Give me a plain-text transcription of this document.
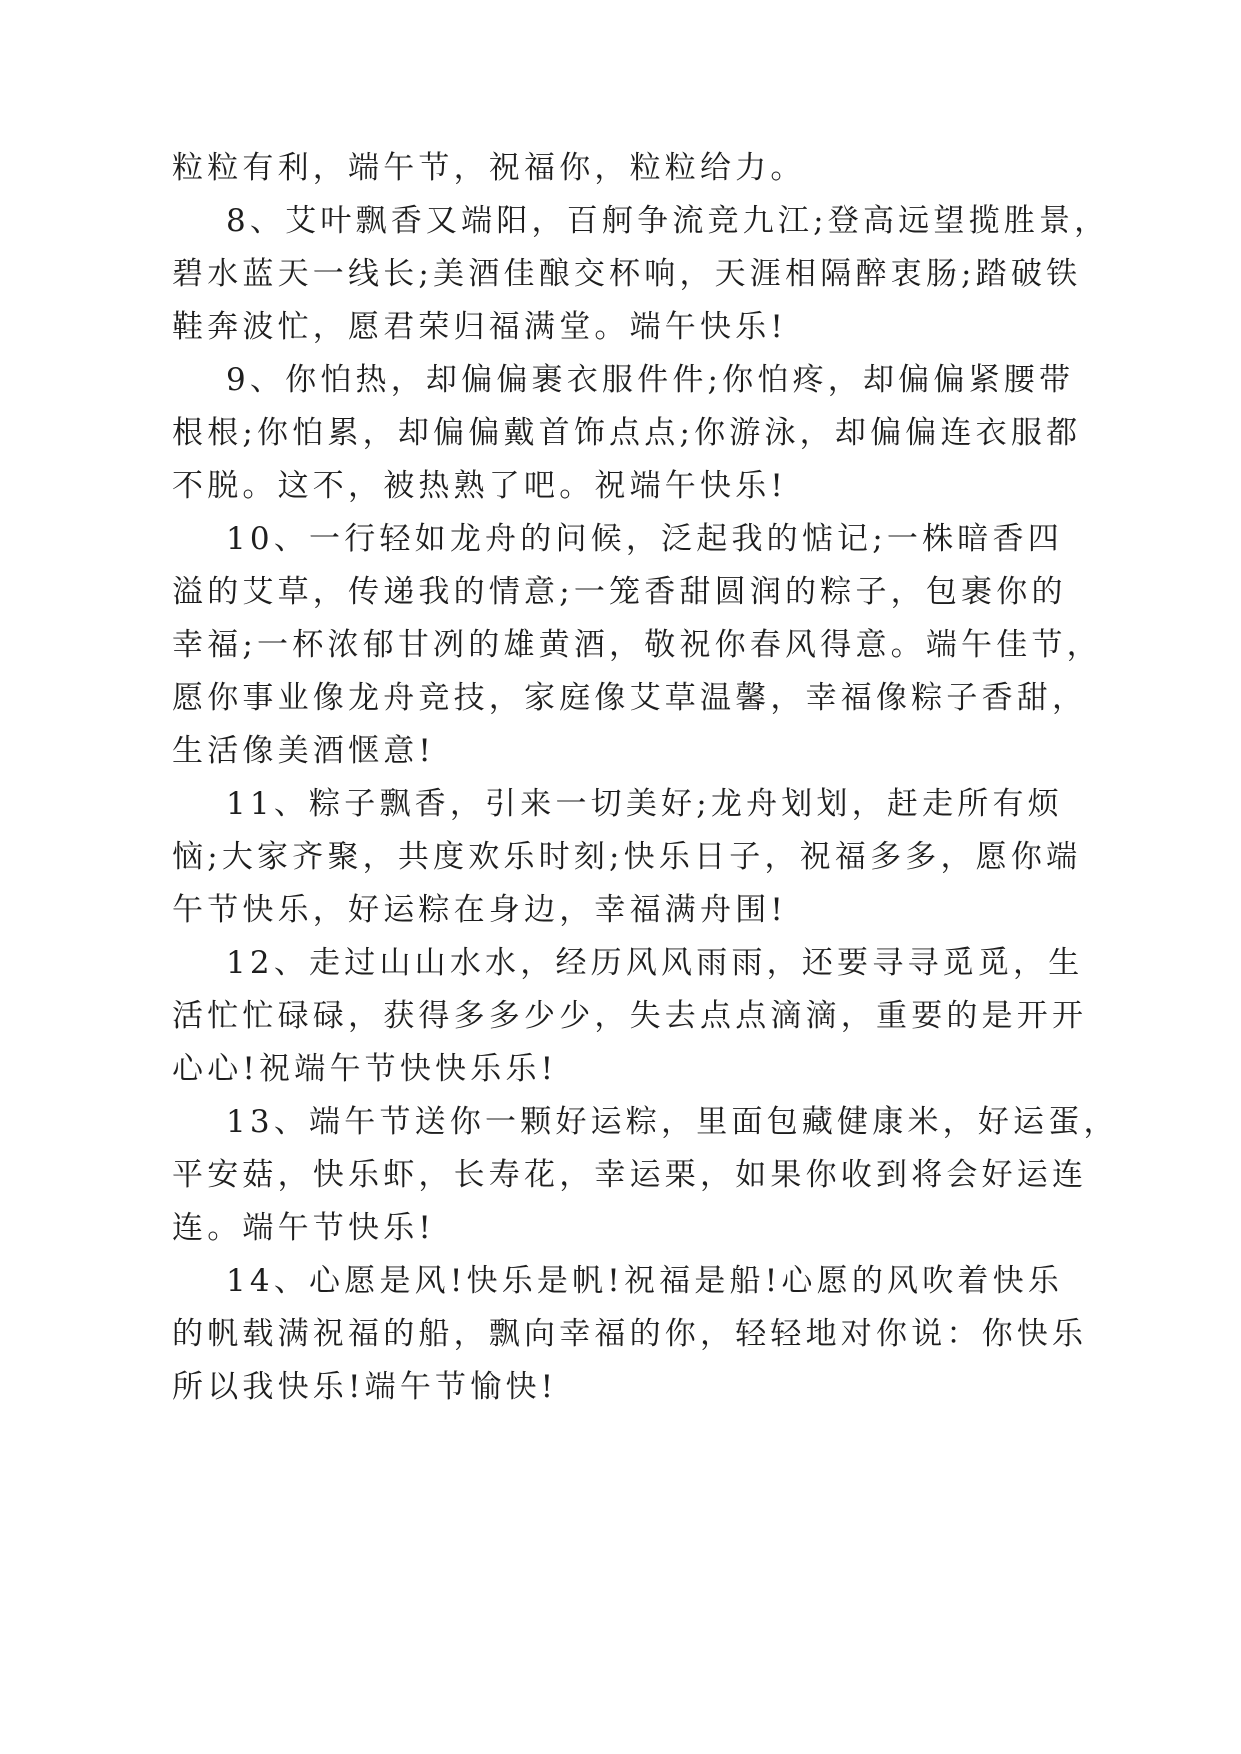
粒粒有利，端午节，祝福你，粒粒给力。
8、艾叶飘香又端阳，百舸争流竞九江;登高远望揽胜景，
碧水蓝天一线长;美酒佳酿交杯响，天涯相隔醉衷肠;踏破铁
鞋奔波忙，愿君荣归福满堂。端午快乐!
9、你怕热，却偏偏裹衣服件件;你怕疼，却偏偏紧腰带
根根;你怕累，却偏偏戴首饰点点;你游泳，却偏偏连衣服都
不脱。这不，被热熟了吧。祝端午快乐!
10、一行轻如龙舟的问候，泛起我的惦记;一株暗香四
溢的艾草，传递我的情意;一笼香甜圆润的粽子，包裹你的
幸福;一杯浓郁甘冽的雄黄酒，敬祝你春风得意。端午佳节，
愿你事业像龙舟竞技，家庭像艾草温馨，幸福像粽子香甜，
生活像美酒惬意!
11、粽子飘香，引来一切美好;龙舟划划，赶走所有烦
恼;大家齐聚，共度欢乐时刻;快乐日子，祝福多多，愿你端
午节快乐，好运粽在身边，幸福满舟围!
12、走过山山水水，经历风风雨雨，还要寻寻觅觅，生
活忙忙碌碌，获得多多少少，失去点点滴滴，重要的是开开
心心!祝端午节快快乐乐!
13、端午节送你一颗好运粽，里面包藏健康米，好运蛋，
平安菇，快乐虾，长寿花，幸运栗，如果你收到将会好运连
连。端午节快乐!
14、心愿是风!快乐是帆!祝福是船!心愿的风吹着快乐
的帆载满祝福的船，飘向幸福的你，轻轻地对你说：你快乐
所以我快乐!端午节愉快!
